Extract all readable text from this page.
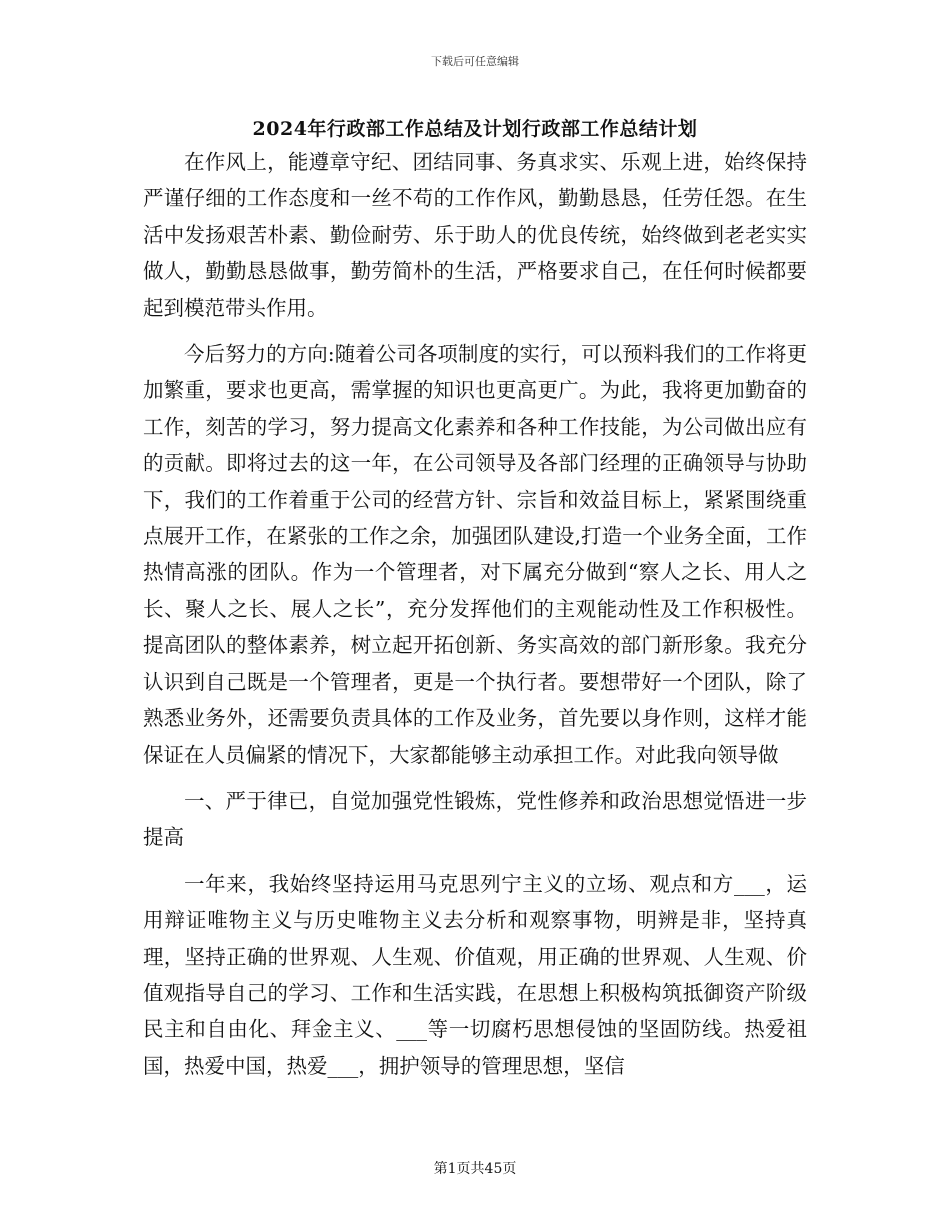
下载后可任意编辑
2024年行政部工作总结及计划行政部工作总结计划

在作风上，能遵章守纪、团结同事、务真求实、乐观上进，始终保持严谨仔细的工作态度和一丝不苟的工作作风，勤勤恳恳，任劳任怨。在生活中发扬艰苦朴素、勤俭耐劳、乐于助人的优良传统，始终做到老老实实做人，勤勤恳恳做事，勤劳简朴的生活，严格要求自己，在任何时候都要起到模范带头作用。

今后努力的方向:随着公司各项制度的实行，可以预料我们的工作将更加繁重，要求也更高，需掌握的知识也更高更广。为此，我将更加勤奋的工作，刻苦的学习，努力提高文化素养和各种工作技能，为公司做出应有的贡献。即将过去的这一年，在公司领导及各部门经理的正确领导与协助下，我们的工作着重于公司的经营方针、宗旨和效益目标上，紧紧围绕重点展开工作，在紧张的工作之余，加强团队建设,打造一个业务全面，工作热情高涨的团队。作为一个管理者，对下属充分做到“察人之长、用人之长、聚人之长、展人之长”，充分发挥他们的主观能动性及工作积极性。提高团队的整体素养，树立起开拓创新、务实高效的部门新形象。我充分认识到自己既是一个管理者，更是一个执行者。要想带好一个团队，除了熟悉业务外，还需要负责具体的工作及业务，首先要以身作则，这样才能保证在人员偏紧的情况下，大家都能够主动承担工作。对此我向领导做

一、严于律已，自觉加强党性锻炼，党性修养和政治思想觉悟进一步提高

一年来，我始终坚持运用马克思列宁主义的立场、观点和方___，运用辩证唯物主义与历史唯物主义去分析和观察事物，明辨是非，坚持真理，坚持正确的世界观、人生观、价值观，用正确的世界观、人生观、价值观指导自己的学习、工作和生活实践，在思想上积极构筑抵御资产阶级民主和自由化、拜金主义、___等一切腐朽思想侵蚀的坚固防线。热爱祖国，热爱中国，热爱___，拥护领导的管理思想，坚信

第1页共45页
